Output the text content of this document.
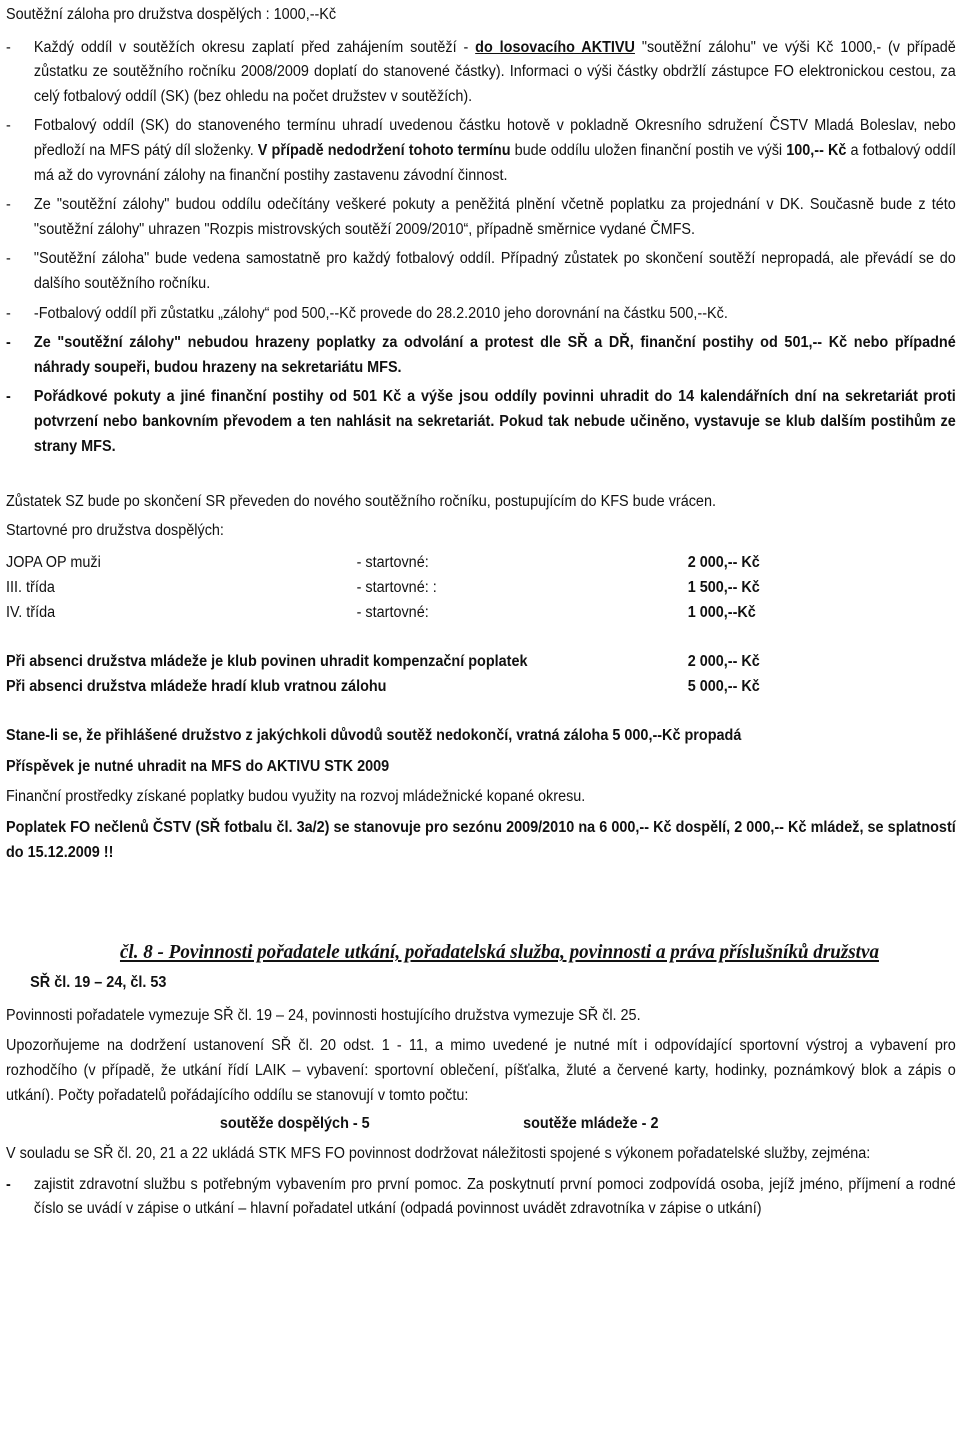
Soutěžní záloha pro družstva dospělých : 1000,--Kč
- Každý oddíl v soutěžích okresu zaplatí před zahájením soutěží - do losovacího AKTIVU "soutěžní zálohu" ve výši Kč 1000,- (v případě zůstatku ze soutěžního ročníku 2008/2009 doplatí do stanovené částky). Informaci o výši částky obdržlí zástupce FO elektronickou cestou, za celý fotbalový oddíl (SK) (bez ohledu na počet družstev v soutěžích).
- Fotbalový oddíl (SK) do stanoveného termínu uhradí uvedenou částku hotově v pokladně Okresního sdružení ČSTV Mladá Boleslav, nebo předloží na MFS pátý díl složenky. V případě nedodržení tohoto termínu bude oddílu uložen finanční postih ve výši 100,-- Kč a fotbalový oddíl má až do vyrovnání zálohy na finanční postihy zastavenu závodní činnost.
- Ze "soutěžní zálohy" budou oddílu odečítány veškeré pokuty a peněžitá plnění včetně poplatku za projednání v DK. Současně bude z této "soutěžní zálohy" uhrazen "Rozpis mistrovských soutěží 2009/2010“, případně směrnice vydané ČMFS.
- "Soutěžní záloha" bude vedena samostatně pro každý fotbalový oddíl. Případný zůstatek po skončení soutěží nepropadá, ale převádí se do dalšího soutěžního ročníku.
- -Fotbalový oddíl při zůstatku „zálohy“ pod 500,--Kč provede do 28.2.2010 jeho dorovnání na částku 500,--Kč.
- Ze "soutěžní zálohy" nebudou hrazeny poplatky za odvolání a protest dle SŘ a DŘ, finanční postihy od 501,-- Kč nebo případné náhrady soupeři, budou hrazeny na sekretariátu MFS.
- Pořádkové pokuty a jiné finanční postihy od 501 Kč a výše jsou oddíly povinni uhradit do 14 kalendářních dní na sekretariát proti potvrzení nebo bankovním převodem a ten nahlásit na sekretariát. Pokud tak nebude učiněno, vystavuje se klub dalším postihům ze strany MFS.

Zůstatek SZ bude po skončení SR převeden do nového soutěžního ročníku, postupujícím do KFS bude vrácen.

Startovné pro družstva dospělých:

JOPA OP muži	- startovné:	2 000,-- Kč
III. třída	- startovné: :	1 500,-- Kč
IV. třída	- startovné:	1 000,--Kč
Při absenci družstva mládeže je klub povinen uhradit kompenzační poplatek	2 000,-- Kč
Při absenci družstva mládeže hradí klub vratnou zálohu	5 000,-- Kč

Stane-li se, že přihlášené družstvo z jakýchkoli důvodů soutěž nedokončí, vratná záloha 5 000,--Kč propadá

Příspěvek je nutné uhradit na MFS do AKTIVU STK 2009

Finanční prostředky získané poplatky budou využity na rozvoj mládežnické kopané okresu.

Poplatek FO nečlenů ČSTV (SŘ fotbalu čl. 3a/2) se stanovuje pro sezónu 2009/2010 na 6 000,-- Kč dospělí, 2 000,-- Kč mládež, se splatností do 15.12.2009 !!

čl. 8 - Povinnosti pořadatele utkání, pořadatelská služba, povinnosti a práva příslušníků družstva
SŘ čl. 19 – 24, čl. 53

Povinnosti pořadatele vymezuje SŘ čl. 19 – 24, povinnosti hostujícího družstva vymezuje SŘ čl. 25.

Upozorňujeme na dodržení ustanovení SŘ čl. 20 odst. 1 - 11, a mimo uvedené je nutné mít i odpovídající sportovní výstroj a vybavení pro rozhodčího (v případě, že utkání řídí LAIK – vybavení: sportovní oblečení, píšťalka, žluté a červené karty, hodinky, poznámkový blok a zápis o utkání). Počty pořadatelů pořádajícího oddílu se stanovují v tomto počtu:

soutěže dospělých - 5	soutěže mládeže - 2

V souladu se SŘ čl. 20, 21 a 22 ukládá STK MFS FO povinnost dodržovat náležitosti spojené s výkonem pořadatelské služby, zejména:

- zajistit zdravotní službu s potřebným vybavením pro první pomoc. Za poskytnutí první pomoci zodpovídá osoba, jejíž jméno, příjmení a rodné číslo se uvádí v zápise o utkání – hlavní pořadatel utkání (odpadá povinnost uvádět zdravotníka v zápise o utkání)
